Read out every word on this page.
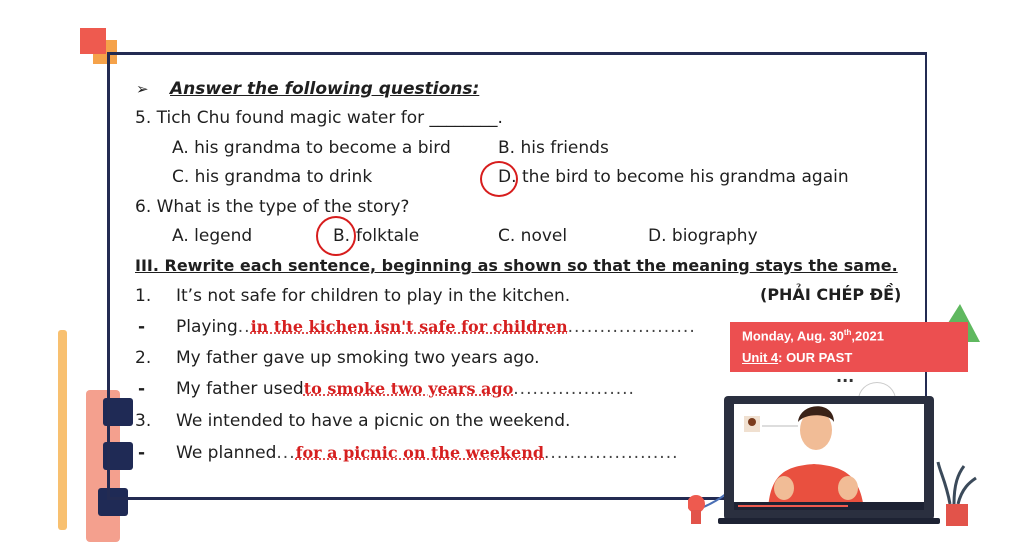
➢ Answer the following questions:
5. Tich Chu found magic water for ________.
A. his grandma to become a bird	B. his friends
C. his grandma to drink	D. the bird to become his grandma again
6. What is the type of the story?
A. legend	B. folktale	C. novel	D. biography
III. Rewrite each sentence, beginning as shown so that the meaning stays the same.
(PHẢI CHÉP ĐỀ)
1. It’s not safe for children to play in the kitchen.
- Playing..in the kichen isn't safe for children....................
2. My father gave up smoking two years ago.
- My father usedto smoke two years ago...................
3. We intended to have a picnic on the weekend.
- We planned...for a picnic on the weekend.....................
Monday, Aug. 30th,2021
Unit 4: OUR PAST
...
